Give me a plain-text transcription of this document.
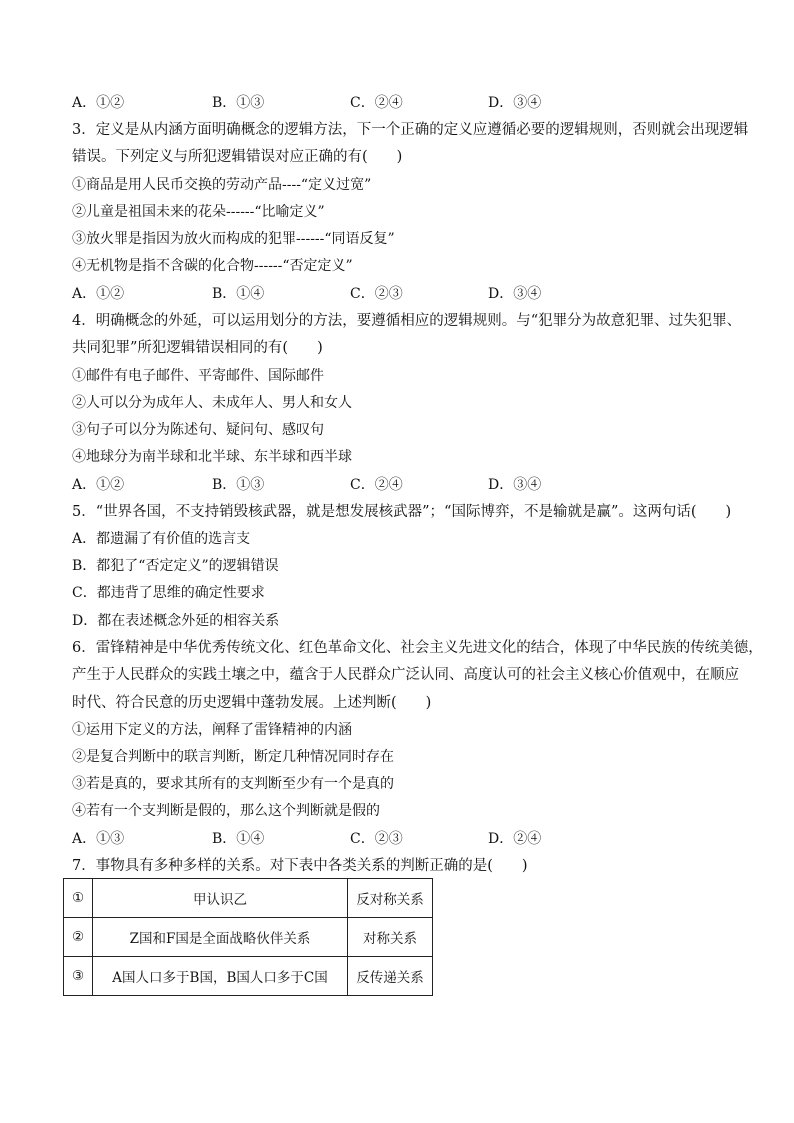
A．①②	B．①③	C．②④	D．③④
3．定义是从内涵方面明确概念的逻辑方法，下一个正确的定义应遵循必要的逻辑规则，否则就会出现逻辑
错误。下列定义与所犯逻辑错误对应正确的有(　　)
①商品是用人民币交换的劳动产品----“定义过宽”
②儿童是祖国未来的花朵------“比喻定义”
③放火罪是指因为放火而构成的犯罪------“同语反复”
④无机物是指不含碳的化合物------“否定定义”
A．①②	B．①④	C．②③	D．③④
4．明确概念的外延，可以运用划分的方法，要遵循相应的逻辑规则。与“犯罪分为故意犯罪、过失犯罪、
共同犯罪”所犯逻辑错误相同的有(　　)
①邮件有电子邮件、平寄邮件、国际邮件
②人可以分为成年人、未成年人、男人和女人
③句子可以分为陈述句、疑问句、感叹句
④地球分为南半球和北半球、东半球和西半球
A．①②	B．①③	C．②④	D．③④
5．“世界各国，不支持销毁核武器，就是想发展核武器”；“国际博弈，不是输就是赢”。这两句话(　　)
A．都遗漏了有价值的选言支
B．都犯了“否定定义”的逻辑错误
C．都违背了思维的确定性要求
D．都在表述概念外延的相容关系
6．雷锋精神是中华优秀传统文化、红色革命文化、社会主义先进文化的结合，体现了中华民族的传统美德，
产生于人民群众的实践土壤之中，蕴含于人民群众广泛认同、高度认可的社会主义核心价值观中，在顺应
时代、符合民意的历史逻辑中蓬勃发展。上述判断(　　)
①运用下定义的方法，阐释了雷锋精神的内涵
②是复合判断中的联言判断，断定几种情况同时存在
③若是真的，要求其所有的支判断至少有一个是真的
④若有一个支判断是假的，那么这个判断就是假的
A．①③	B．①④	C．②③	D．②④
7．事物具有多种多样的关系。对下表中各类关系的判断正确的是(　　)
①	甲认识乙	反对称关系
②	Z国和F国是全面战略伙伴关系	对称关系
③	A国人口多于B国，B国人口多于C国	反传递关系
